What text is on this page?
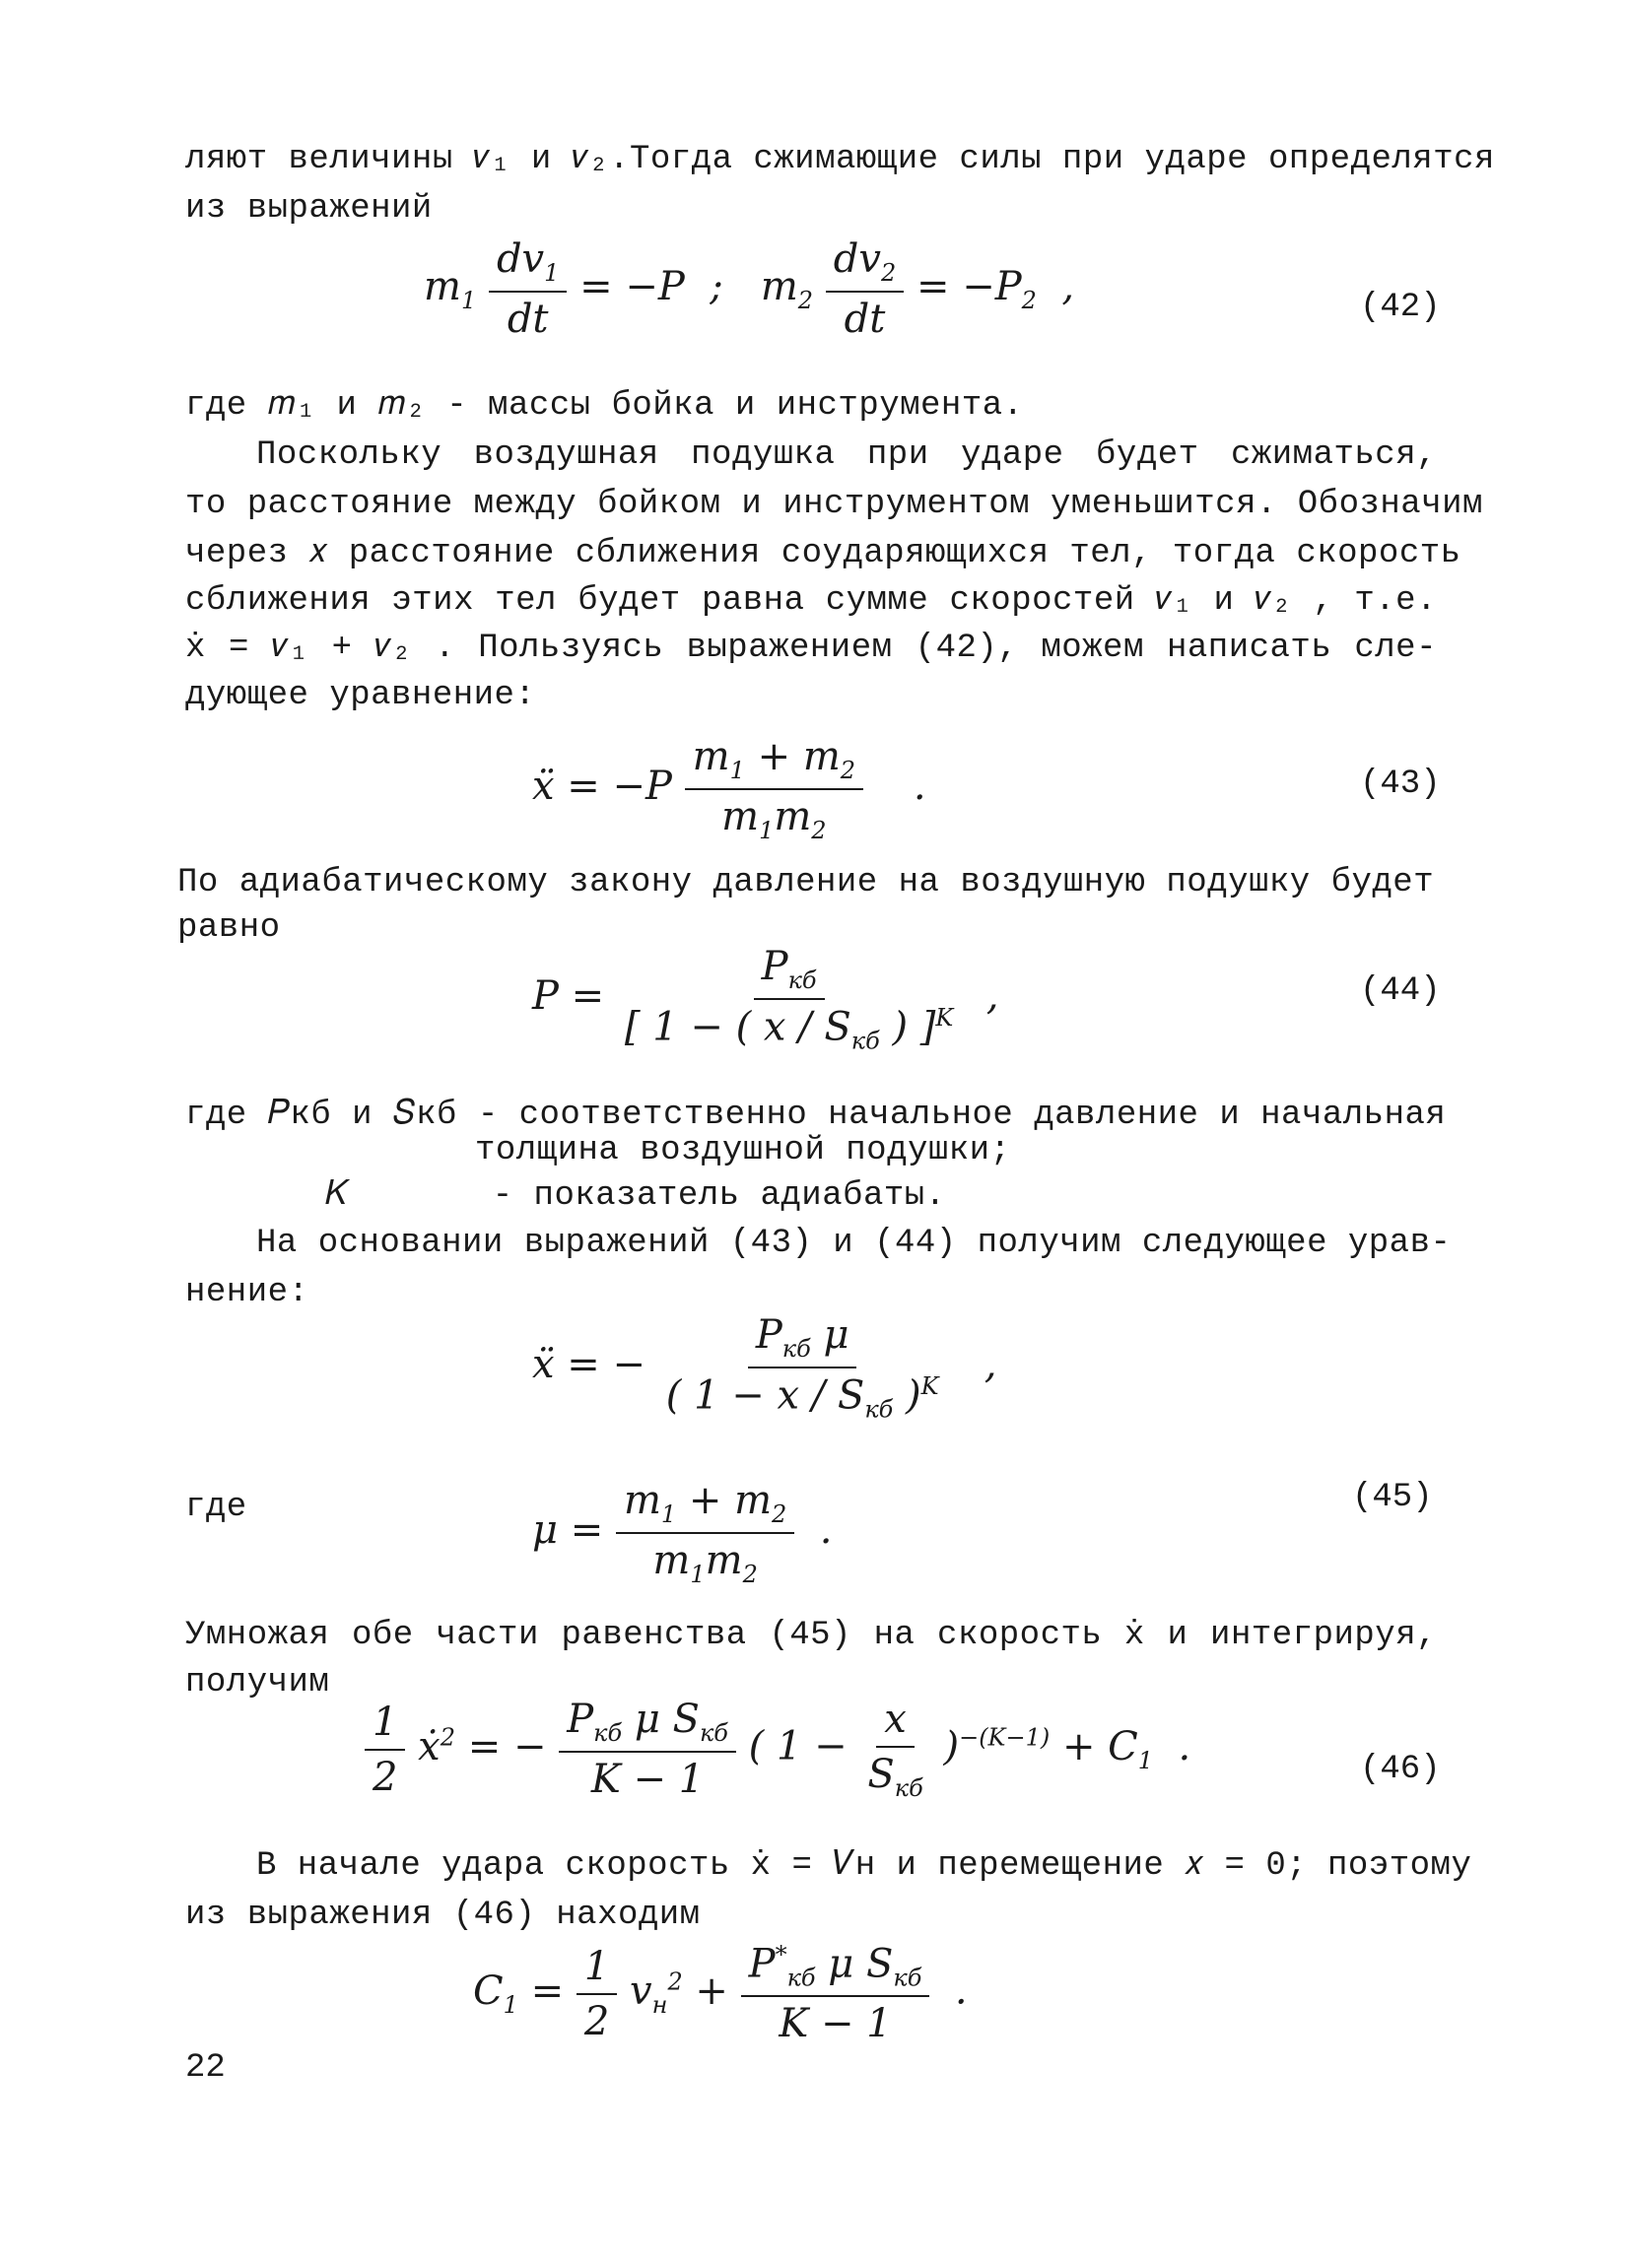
ляют величины 𝑣₁ и 𝑣₂.Тогда сжимающие силы при ударе определятся
из выражений
$m_1 \frac{dv_1}{dt} = -P$  ;   $m_2 \frac{dv_2}{dt} = -P_2$  ,	(42)
где 𝑚₁ и 𝑚₂ - массы бойка и инструмента.
Поскольку воздушная подушка при ударе будет сжиматься,
то расстояние между бойком и инструментом уменьшится. Обозначим
через 𝑥 расстояние сближения соударяющихся тел, тогда скорость
сближения этих тел будет равна сумме скоростей 𝑣₁ и 𝑣₂ , т.е.
ẋ = 𝑣₁ + 𝑣₂ . Пользуясь выражением (42), можем написать сле-
дующее уравнение:
ẍ = $-P \frac{m_1 + m_2}{m_1m_2}$ .	(43)
По адиабатическому закону давление на воздушную подушку будет
равно
$P = \frac{P_{кб}}{[ 1 - ( x / S_{кб} ) ]^K}$ ,	(44)
где 𝑃кб и 𝑆кб - соответственно начальное давление и начальная
толщина воздушной подушки;
𝐾       - показатель адиабаты.
На основании выражений (43) и (44) получим следующее урав-
нение:
ẍ = − $\frac{P_{кб} \mu}{( 1 - x / S_{кб} )^K}$ ,
где	$\mu = \frac{m_1 + m_2}{m_1m_2}$ .
(45)
Умножая обе части равенства (45) на скорость ẋ и интегрируя,
получим
$\frac{1}{2}$ ẋ$^2$ = − $\frac{P_{кб} \mu S_{кб}}{K - 1}$ ( $1 - \frac{x}{S_{кб}} )^{-(K-1)} + C_1$  .
(46)
В начале удара скорость ẋ = 𝑉н и перемещение 𝑥 = 0; поэтому
из выражения (46) находим
$C_1 = \frac{1}{2} v_н^2 + \frac{P^*_{кб} \mu S_{кб}}{K - 1}$ .
22
